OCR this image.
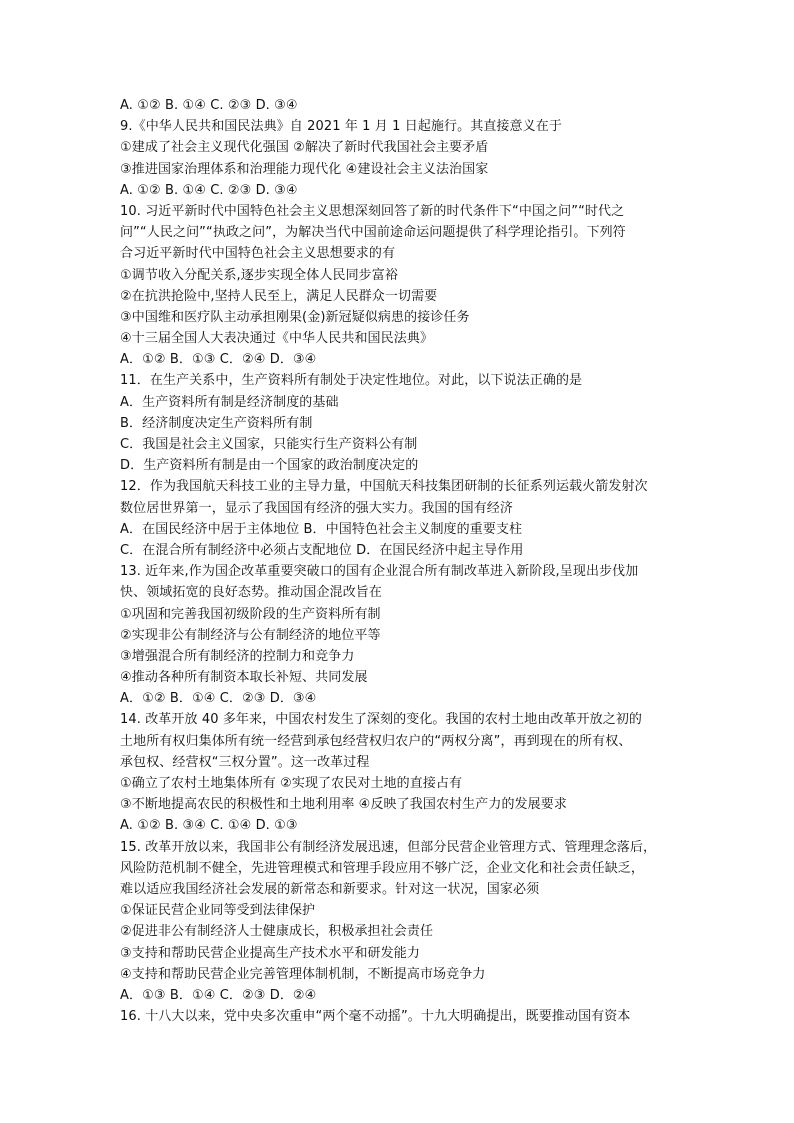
A. ①② B. ①④ C. ②③ D. ③④
9.《中华人民共和国民法典》自 2021 年 1 月 1 日起施行。其直接意义在于
①建成了社会主义现代化强国 ②解决了新时代我国社会主要矛盾
③推进国家治理体系和治理能力现代化 ④建设社会主义法治国家
A. ①② B. ①④ C. ②③ D. ③④
10. 习近平新时代中国特色社会主义思想深刻回答了新的时代条件下“中国之问”“时代之
问”“人民之问”“执政之问”，为解决当代中国前途命运问题提供了科学理论指引。下列符
合习近平新时代中国特色社会主义思想要求的有
①调节收入分配关系,逐步实现全体人民同步富裕
②在抗洪抢险中,坚持人民至上，满足人民群众一切需要
③中国维和医疗队主动承担刚果(金)新冠疑似病患的接诊任务
④十三届全国人大表决通过《中华人民共和国民法典》
A．①② B．①③ C．②④ D．③④
11．在生产关系中，生产资料所有制处于决定性地位。对此，以下说法正确的是
A．生产资料所有制是经济制度的基础
B．经济制度决定生产资料所有制
C．我国是社会主义国家，只能实行生产资料公有制
D．生产资料所有制是由一个国家的政治制度决定的
12．作为我国航天科技工业的主导力量，中国航天科技集团研制的长征系列运载火箭发射次
数位居世界第一，显示了我国国有经济的强大实力。我国的国有经济
A．在国民经济中居于主体地位 B．中国特色社会主义制度的重要支柱
C．在混合所有制经济中必须占支配地位 D．在国民经济中起主导作用
13. 近年来,作为国企改革重要突破口的国有企业混合所有制改革进入新阶段,呈现出步伐加
快、领域拓宽的良好态势。推动国企混改旨在
①巩固和完善我国初级阶段的生产资料所有制
②实现非公有制经济与公有制经济的地位平等
③增强混合所有制经济的控制力和竞争力
④推动各种所有制资本取长补短、共同发展
A．①② B．①④ C．②③ D．③④
14. 改革开放 40 多年来，中国农村发生了深刻的变化。我国的农村土地由改革开放之初的
土地所有权归集体所有统一经营到承包经营权归农户的“两权分离”，再到现在的所有权、
承包权、经营权“三权分置”。这一改革过程
①确立了农村土地集体所有 ②实现了农民对土地的直接占有
③不断地提高农民的积极性和土地利用率 ④反映了我国农村生产力的发展要求
A. ①② B. ③④ C. ①④ D. ①③
15. 改革开放以来，我国非公有制经济发展迅速，但部分民营企业管理方式、管理理念落后，
风险防范机制不健全，先进管理模式和管理手段应用不够广泛，企业文化和社会责任缺乏，
难以适应我国经济社会发展的新常态和新要求。针对这一状况，国家必须
①保证民营企业同等受到法律保护
②促进非公有制经济人士健康成长，积极承担社会责任
③支持和帮助民营企业提高生产技术水平和研发能力
④支持和帮助民营企业完善管理体制机制，不断提高市场竞争力
A．①③ B．①④ C．②③ D．②④
16. 十八大以来，党中央多次重申“两个毫不动摇”。十九大明确提出，既要推动国有资本
